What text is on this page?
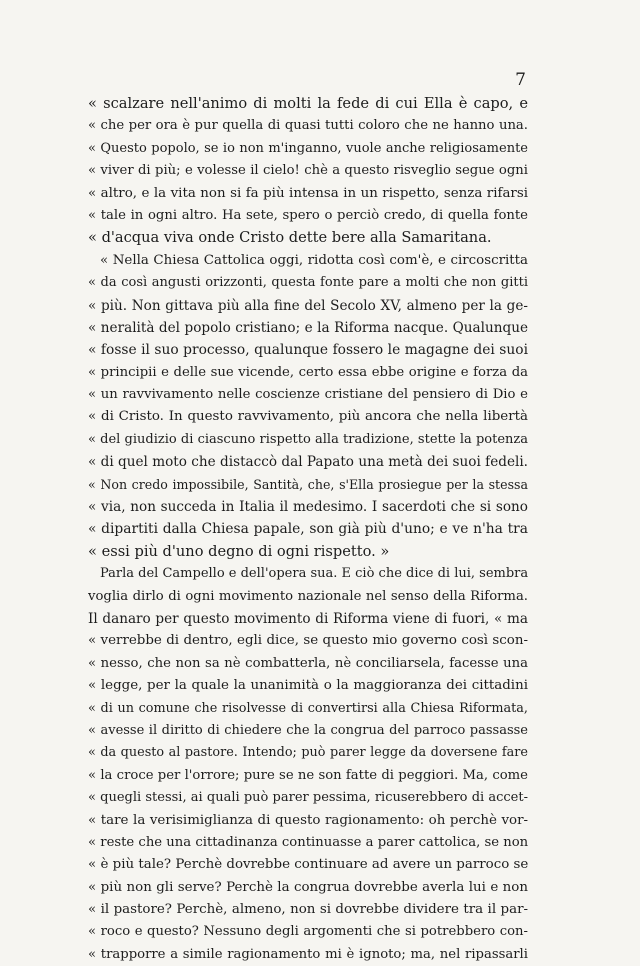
7
« scalzare nell'animo di molti la fede di cui Ella è capo, e
« che per ora è pur quella di quasi tutti coloro che ne hanno una.
« Questo popolo, se io non m'inganno, vuole anche religiosamente
« viver di più; e volesse il cielo! chè a questo risveglio segue ogni
« altro, e la vita non si fa più intensa in un rispetto, senza rifarsi
« tale in ogni altro. Ha sete, spero o perciò credo, di quella fonte
« d'acqua viva onde Cristo dette bere alla Samaritana.
« Nella Chiesa Cattolica oggi, ridotta così com'è, e circoscritta
« da così angusti orizzonti, questa fonte pare a molti che non gitti
« più. Non gittava più alla fine del Secolo XV, almeno per la ge-
« neralità del popolo cristiano; e la Riforma nacque. Qualunque
« fosse il suo processo, qualunque fossero le magagne dei suoi
« principii e delle sue vicende, certo essa ebbe origine e forza da
« un ravvivamento nelle coscienze cristiane del pensiero di Dio e
« di Cristo. In questo ravvivamento, più ancora che nella libertà
« del giudizio di ciascuno rispetto alla tradizione, stette la potenza
« di quel moto che distaccò dal Papato una metà dei suoi fedeli.
« Non credo impossibile, Santità, che, s'Ella prosiegue per la stessa
« via, non succeda in Italia il medesimo. I sacerdoti che si sono
« dipartiti dalla Chiesa papale, son già più d'uno; e ve n'ha tra
« essi più d'uno degno di ogni rispetto. »
Parla del Campello e dell'opera sua. E ciò che dice di lui, sembra
voglia dirlo di ogni movimento nazionale nel senso della Riforma.
Il danaro per questo movimento di Riforma viene di fuori, « ma
« verrebbe di dentro, egli dice, se questo mio governo così scon-
« nesso, che non sa nè combatterla, nè conciliarsela, facesse una
« legge, per la quale la unanimità o la maggioranza dei cittadini
« di un comune che risolvesse di convertirsi alla Chiesa Riformata,
« avesse il diritto di chiedere che la congrua del parroco passasse
« da questo al pastore. Intendo; può parer legge da doversene fare
« la croce per l'orrore; pure se ne son fatte di peggiori. Ma, come
« quegli stessi, ai quali può parer pessima, ricuserebbero di accet-
« tare la verisimiglianza di questo ragionamento: oh perchè vor-
« reste che una cittadinanza continuasse a parer cattolica, se non
« è più tale? Perchè dovrebbe continuare ad avere un parroco se
« più non gli serve? Perchè la congrua dovrebbe averla lui e non
« il pastore? Perchè, almeno, non si dovrebbe dividere tra il par-
« roco e questo? Nessuno degli argomenti che si potrebbero con-
« trapporre a simile ragionamento mi è ignoto; ma, nel ripassarli
